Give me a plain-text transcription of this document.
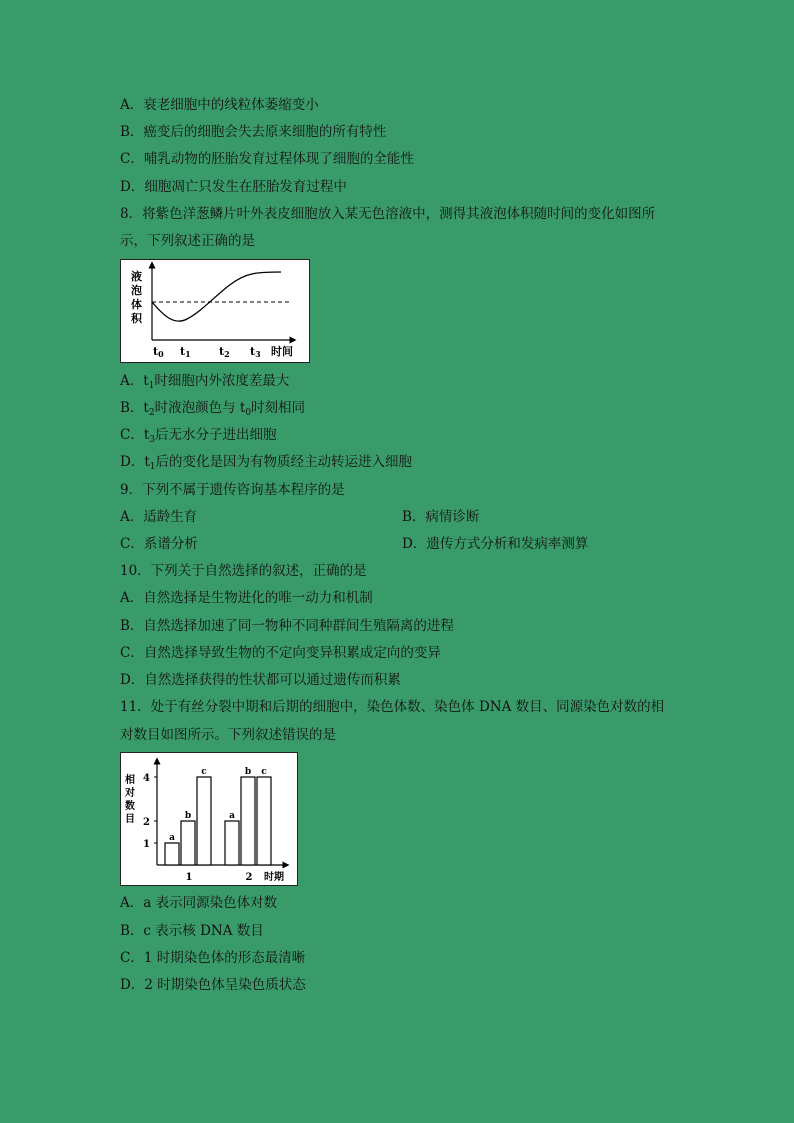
A．衰老细胞中的线粒体萎缩变小
B．癌变后的细胞会失去原来细胞的所有特性
C．哺乳动物的胚胎发育过程体现了细胞的全能性
D．细胞凋亡只发生在胚胎发育过程中
8．将紫色洋葱鳞片叶外表皮细胞放入某无色溶液中，测得其液泡体积随时间的变化如图所
示，下列叙述正确的是
液
泡
体
积
t0 t1	t2 t3 时间
A．$t_1$时细胞内外浓度差最大
B．$t_2$时液泡颜色与 $t_0$时刻相同
C．$t_3$后无水分子进出细胞
D．$t_1$后的变化是因为有物质经主动转运进入细胞
9．下列不属于遗传咨询基本程序的是
A．适龄生育	B．病情诊断
C．系谱分析	D．遗传方式分析和发病率测算
10．下列关于自然选择的叙述，正确的是
A．自然选择是生物进化的唯一动力和机制
B．自然选择加速了同一物种不同种群间生殖隔离的进程
C．自然选择导致生物的不定向变异积累成定向的变异
D．自然选择获得的性状都可以通过遗传而积累
11．处于有丝分裂中期和后期的细胞中，染色体数、染色体 DNA 数目、同源染色对数的相
对数目如图所示。下列叙述错误的是
相
对
数
目
1
2
4
a
b
c
a
b c
1	2 时期
A．a 表示同源染色体对数
B．c 表示核 DNA 数目
C．1 时期染色体的形态最清晰
D．2 时期染色体呈染色质状态
